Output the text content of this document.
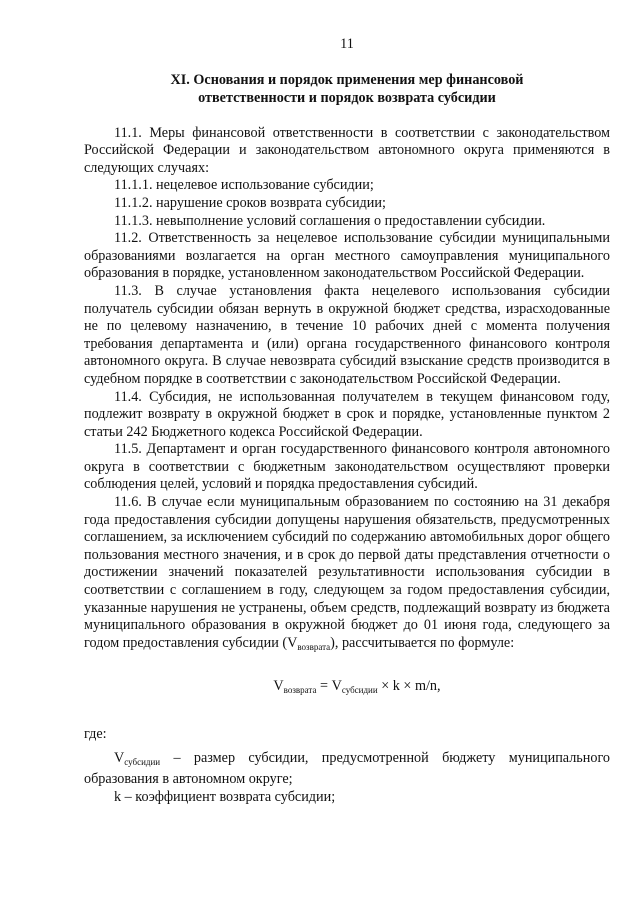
11
XI. Основания и порядок применения мер финансовой
ответственности и порядок возврата субсидии

11.1. Меры финансовой ответственности в соответствии с законодательством Российской Федерации и законодательством автономного округа применяются в следующих случаях:

11.1.1. нецелевое использование субсидии;

11.1.2. нарушение сроков возврата субсидии;

11.1.3. невыполнение условий соглашения о предоставлении субсидии.

11.2. Ответственность за нецелевое использование субсидии муниципальными образованиями возлагается на орган местного самоуправления муниципального образования в порядке, установленном законодательством Российской Федерации.

11.3. В случае установления факта нецелевого использования субсидии получатель субсидии обязан вернуть в окружной бюджет средства, израсходованные не по целевому назначению, в течение 10 рабочих дней с момента получения требования департамента и (или) органа государственного финансового контроля автономного округа. В случае невозврата субсидий взыскание средств производится в судебном порядке в соответствии с законодательством Российской Федерации.

11.4. Субсидия, не использованная получателем в текущем финансовом году, подлежит возврату в окружной бюджет в срок и порядке, установленные пунктом 2 статьи 242 Бюджетного кодекса Российской Федерации.

11.5. Департамент и орган государственного финансового контроля автономного округа в соответствии с бюджетным законодательством осуществляют проверки соблюдения целей, условий и порядка предоставления субсидий.

11.6. В случае если муниципальным образованием по состоянию на 31 декабря года предоставления субсидии допущены нарушения обязательств, предусмотренных соглашением, за исключением субсидий по содержанию автомобильных дорог общего пользования местного значения, и в срок до первой даты представления отчетности о достижении значений показателей результативности использования субсидии в соответствии с соглашением в году, следующем за годом предоставления субсидии, указанные нарушения не устранены, объем средств, подлежащий возврату из бюджета муниципального образования в окружной бюджет до 01 июня года, следующего за годом предоставления субсидии $(V_{возврата})$, рассчитывается по формуле:

$V_{возврата} = V_{субсидии} \times k \times m/n$,

где:

$V_{субсидии}$ – размер субсидии, предусмотренной бюджету муниципального образования в автономном округе;

k – коэффициент возврата субсидии;
